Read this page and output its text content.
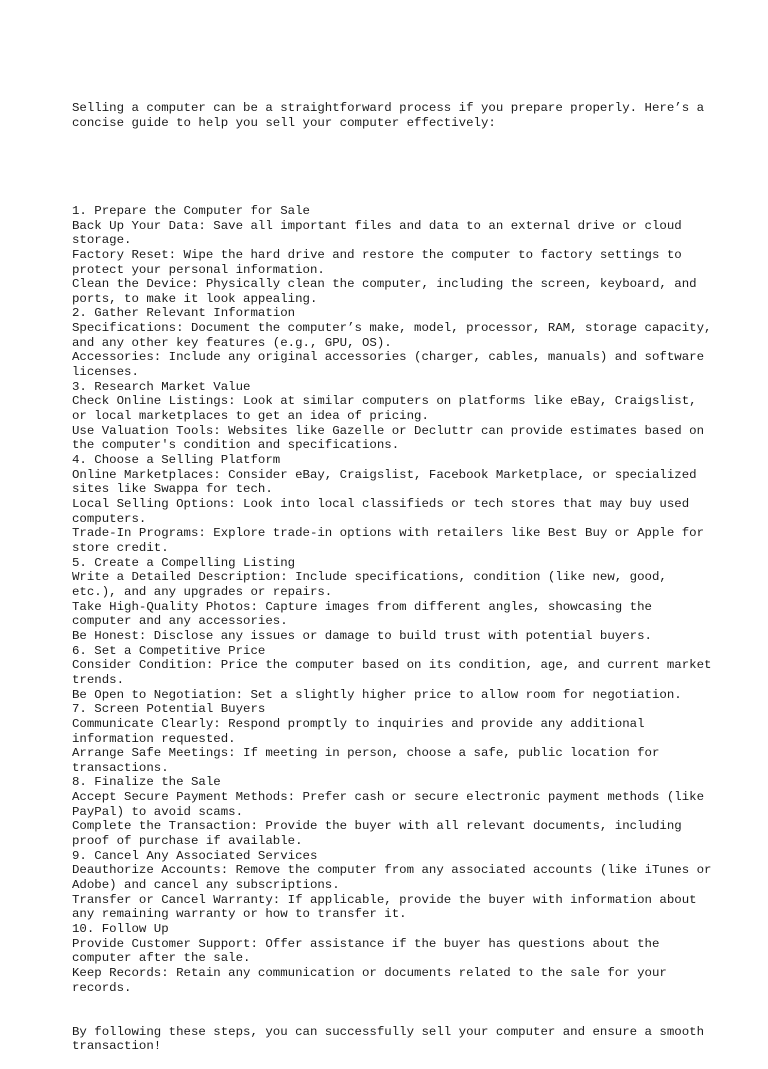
Selling a computer can be a straightforward process if you prepare properly. Here’s a concise guide to help you sell your computer effectively:

1. Prepare the Computer for Sale
Back Up Your Data: Save all important files and data to an external drive or cloud storage.
Factory Reset: Wipe the hard drive and restore the computer to factory settings to protect your personal information.
Clean the Device: Physically clean the computer, including the screen, keyboard, and ports, to make it look appealing.
2. Gather Relevant Information
Specifications: Document the computer’s make, model, processor, RAM, storage capacity, and any other key features (e.g., GPU, OS).
Accessories: Include any original accessories (charger, cables, manuals) and software licenses.
3. Research Market Value
Check Online Listings: Look at similar computers on platforms like eBay, Craigslist, or local marketplaces to get an idea of pricing.
Use Valuation Tools: Websites like Gazelle or Decluttr can provide estimates based on the computer's condition and specifications.
4. Choose a Selling Platform
Online Marketplaces: Consider eBay, Craigslist, Facebook Marketplace, or specialized sites like Swappa for tech.
Local Selling Options: Look into local classifieds or tech stores that may buy used computers.
Trade-In Programs: Explore trade-in options with retailers like Best Buy or Apple for store credit.
5. Create a Compelling Listing
Write a Detailed Description: Include specifications, condition (like new, good, etc.), and any upgrades or repairs.
Take High-Quality Photos: Capture images from different angles, showcasing the computer and any accessories.
Be Honest: Disclose any issues or damage to build trust with potential buyers.
6. Set a Competitive Price
Consider Condition: Price the computer based on its condition, age, and current market trends.
Be Open to Negotiation: Set a slightly higher price to allow room for negotiation.
7. Screen Potential Buyers
Communicate Clearly: Respond promptly to inquiries and provide any additional information requested.
Arrange Safe Meetings: If meeting in person, choose a safe, public location for transactions.
8. Finalize the Sale
Accept Secure Payment Methods: Prefer cash or secure electronic payment methods (like PayPal) to avoid scams.
Complete the Transaction: Provide the buyer with all relevant documents, including proof of purchase if available.
9. Cancel Any Associated Services
Deauthorize Accounts: Remove the computer from any associated accounts (like iTunes or Adobe) and cancel any subscriptions.
Transfer or Cancel Warranty: If applicable, provide the buyer with information about any remaining warranty or how to transfer it.
10. Follow Up
Provide Customer Support: Offer assistance if the buyer has questions about the computer after the sale.
Keep Records: Retain any communication or documents related to the sale for your records.

By following these steps, you can successfully sell your computer and ensure a smooth transaction!
